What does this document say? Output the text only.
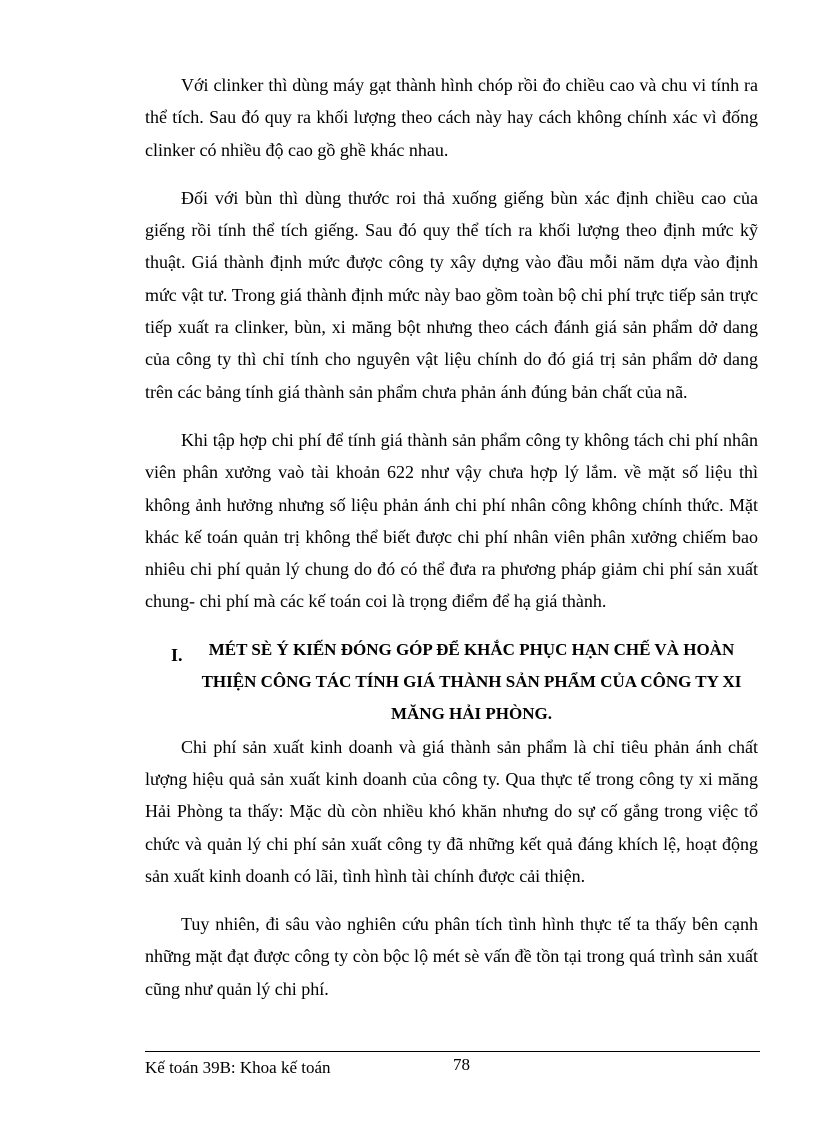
Với clinker thì dùng máy gạt thành hình chóp rồi đo chiều cao và chu vi tính ra thể tích. Sau đó quy ra khối lượng theo cách này hay cách không chính xác vì đống clinker có nhiều độ cao gồ ghề khác nhau.

Đối với bùn thì dùng thước roi thả xuống giếng bùn xác định chiều cao của giếng rồi tính thể tích giếng. Sau đó quy thể tích ra khối lượng theo định mức kỹ thuật. Giá thành định mức được công ty xây dựng vào đầu mỗi năm dựa vào định mức vật tư. Trong giá thành định mức này bao gồm toàn bộ chi phí trực tiếp sản trực tiếp xuất ra clinker, bùn, xi măng bột nhưng theo cách đánh giá sản phẩm dở dang của công ty thì chỉ tính cho nguyên vật liệu chính do đó giá trị sản phẩm dở dang trên các bảng tính giá thành sản phẩm chưa phản ánh đúng bản chất của nã.

Khi tập hợp chi phí để tính giá thành sản phẩm công ty không tách chi phí nhân viên phân xưởng vaò tài khoản 622 như vậy chưa hợp lý lắm. về mặt số liệu thì không ảnh hưởng nhưng số liệu phản ánh chi phí nhân công không chính thức. Mặt khác kế toán quản trị không thể biết được chi phí nhân viên phân xưởng chiếm bao nhiêu chi phí quản lý chung do đó có thể đưa ra phương pháp giảm chi phí sản xuất chung- chi phí mà các kế toán coi là trọng điểm để hạ giá thành.

I.	MÉT SÈ Ý KIẾN ĐÓNG GÓP ĐỂ KHẮC PHỤC HẠN CHẾ VÀ HOÀN THIỆN CÔNG TÁC TÍNH GIÁ THÀNH SẢN PHẨM CỦA CÔNG TY XI MĂNG HẢI PHÒNG.

Chi phí sản xuất kinh doanh và giá thành sản phẩm là chỉ tiêu phản ánh chất lượng hiệu quả sản xuất kinh doanh của công ty. Qua thực tế trong công ty xi măng Hải Phòng ta thấy: Mặc dù còn nhiều khó khăn nhưng do sự cố gắng trong việc tổ chức và quản lý chi phí sản xuất công ty đã những kết quả đáng khích lệ, hoạt động sản xuất kinh doanh có lãi, tình hình tài chính được cải thiện.

Tuy nhiên, đi sâu vào nghiên cứu phân tích tình hình thực tế ta thấy bên cạnh những mặt đạt được công ty còn bộc lộ mét sè vấn đề tồn tại trong quá trình sản xuất cũng như quản lý chi phí.

Kế toán 39B: Khoa kế toán	78
